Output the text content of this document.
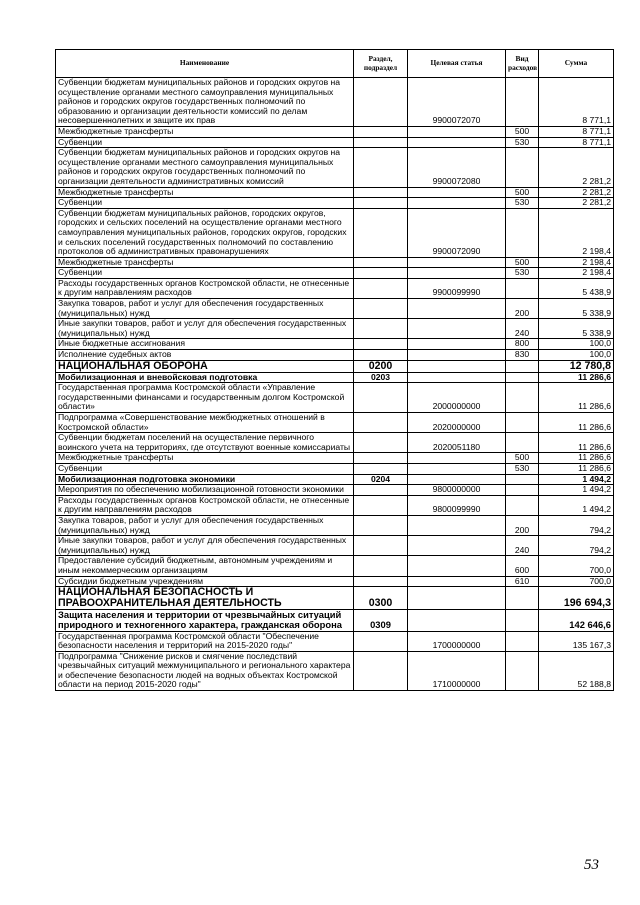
Наименование	Раздел, подраздел	Целевая статья	Вид расходов	Сумма
Субвенции бюджетам муниципальных районов и городских округов на осуществление органами местного самоуправления муниципальных районов и городских округов государственных полномочий по образованию и организации деятельности комиссий по делам несовершеннолетних и защите их прав		9900072070		8 771,1
Межбюджетные трансферты			500	8 771,1
Субвенции			530	8 771,1
Субвенции бюджетам муниципальных районов и городских округов на осуществление органами местного самоуправления муниципальных районов и городских округов государственных полномочий по организации деятельности административных комиссий		9900072080		2 281,2
Межбюджетные трансферты			500	2 281,2
Субвенции			530	2 281,2
Субвенции бюджетам муниципальных районов, городских округов, городских и сельских поселений на осуществление органами местного самоуправления муниципальных районов, городских округов, городских и сельских поселений государственных полномочий по составлению протоколов об административных правонарушениях		9900072090		2 198,4
Межбюджетные трансферты			500	2 198,4
Субвенции			530	2 198,4
Расходы государственных органов Костромской области, не отнесенные к другим направлениям расходов		9900099990		5 438,9
Закупка товаров, работ и услуг для обеспечения государственных (муниципальных) нужд			200	5 338,9
Иные закупки товаров, работ и услуг для обеспечения государственных (муниципальных) нужд			240	5 338,9
Иные бюджетные ассигнования			800	100,0
Исполнение судебных актов			830	100,0
НАЦИОНАЛЬНАЯ ОБОРОНА	0200			12 780,8
Мобилизационная и вневойсковая подготовка	0203			11 286,6
Государственная программа Костромской области «Управление государственными финансами и государственным долгом Костромской области»		2000000000		11 286,6
Подпрограмма «Совершенствование межбюджетных отношений в Костромской области»		2020000000		11 286,6
Субвенции бюджетам поселений на осуществление первичного воинского учета на территориях, где отсутствуют военные комиссариаты		2020051180		11 286,6
Межбюджетные трансферты			500	11 286,6
Субвенции			530	11 286,6
Мобилизационная подготовка экономики	0204			1 494,2
Мероприятия по обеспечению мобилизационной готовности экономики		9800000000		1 494,2
Расходы государственных органов Костромской области, не отнесенные к другим направлениям расходов		9800099990		1 494,2
Закупка товаров, работ и услуг для обеспечения государственных (муниципальных) нужд			200	794,2
Иные закупки товаров, работ и услуг для обеспечения государственных (муниципальных) нужд			240	794,2
Предоставление субсидий бюджетным, автономным учреждениям и иным некоммерческим организациям			600	700,0
Субсидии бюджетным учреждениям			610	700,0
НАЦИОНАЛЬНАЯ БЕЗОПАСНОСТЬ И ПРАВООХРАНИТЕЛЬНАЯ ДЕЯТЕЛЬНОСТЬ	0300			196 694,3
Защита населения и территории от чрезвычайных ситуаций природного и техногенного характера, гражданская оборона	0309			142 646,6
Государственная программа Костромской области "Обеспечение безопасности населения и территорий на 2015-2020 годы"		1700000000		135 167,3
Подпрограмма "Снижение рисков и смягчение последствий чрезвычайных ситуаций межмуниципального и регионального характера и обеспечение безопасности людей на водных объектах Костромской области на период 2015-2020 годы"		1710000000		52 188,8
53
